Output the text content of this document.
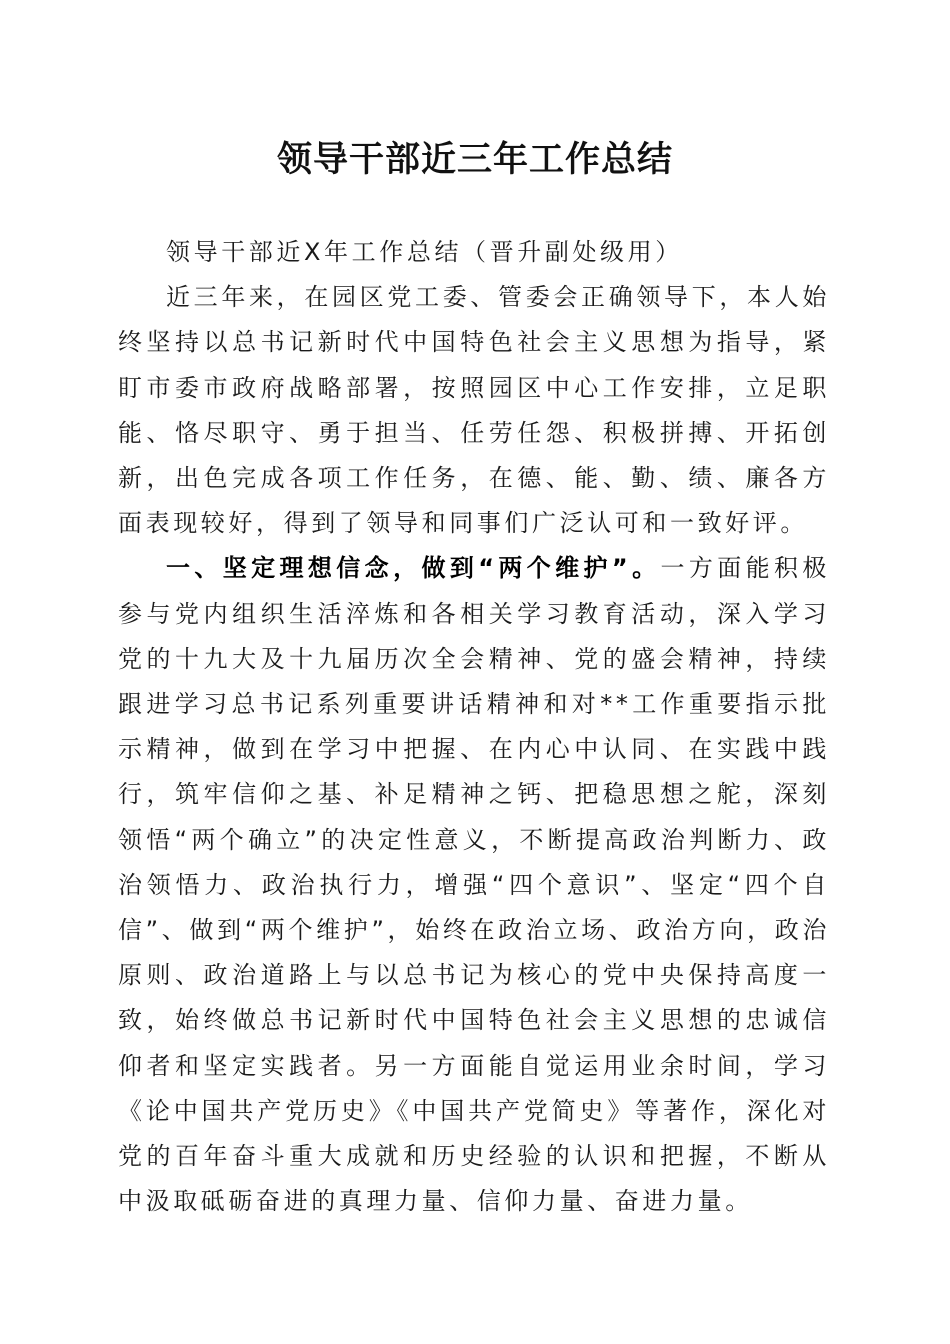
领导干部近三年工作总结

领导干部近X年工作总结（晋升副处级用）

近三年来，在园区党工委、管委会正确领导下，本人始终坚持以总书记新时代中国特色社会主义思想为指导，紧盯市委市政府战略部署，按照园区中心工作安排，立足职能、恪尽职守、勇于担当、任劳任怨、积极拼搏、开拓创新，出色完成各项工作任务，在德、能、勤、绩、廉各方面表现较好，得到了领导和同事们广泛认可和一致好评。

一、坚定理想信念，做到“两个维护”。一方面能积极参与党内组织生活淬炼和各相关学习教育活动，深入学习党的十九大及十九届历次全会精神、党的盛会精神，持续跟进学习总书记系列重要讲话精神和对**工作重要指示批示精神，做到在学习中把握、在内心中认同、在实践中践行，筑牢信仰之基、补足精神之钙、把稳思想之舵，深刻领悟“两个确立”的决定性意义，不断提高政治判断力、政治领悟力、政治执行力，增强“四个意识”、坚定“四个自信”、做到“两个维护”，始终在政治立场、政治方向，政治原则、政治道路上与以总书记为核心的党中央保持高度一致，始终做总书记新时代中国特色社会主义思想的忠诚信仰者和坚定实践者。另一方面能自觉运用业余时间，学习《论中国共产党历史》《中国共产党简史》等著作，深化对党的百年奋斗重大成就和历史经验的认识和把握，不断从中汲取砥砺奋进的真理力量、信仰力量、奋进力量。
